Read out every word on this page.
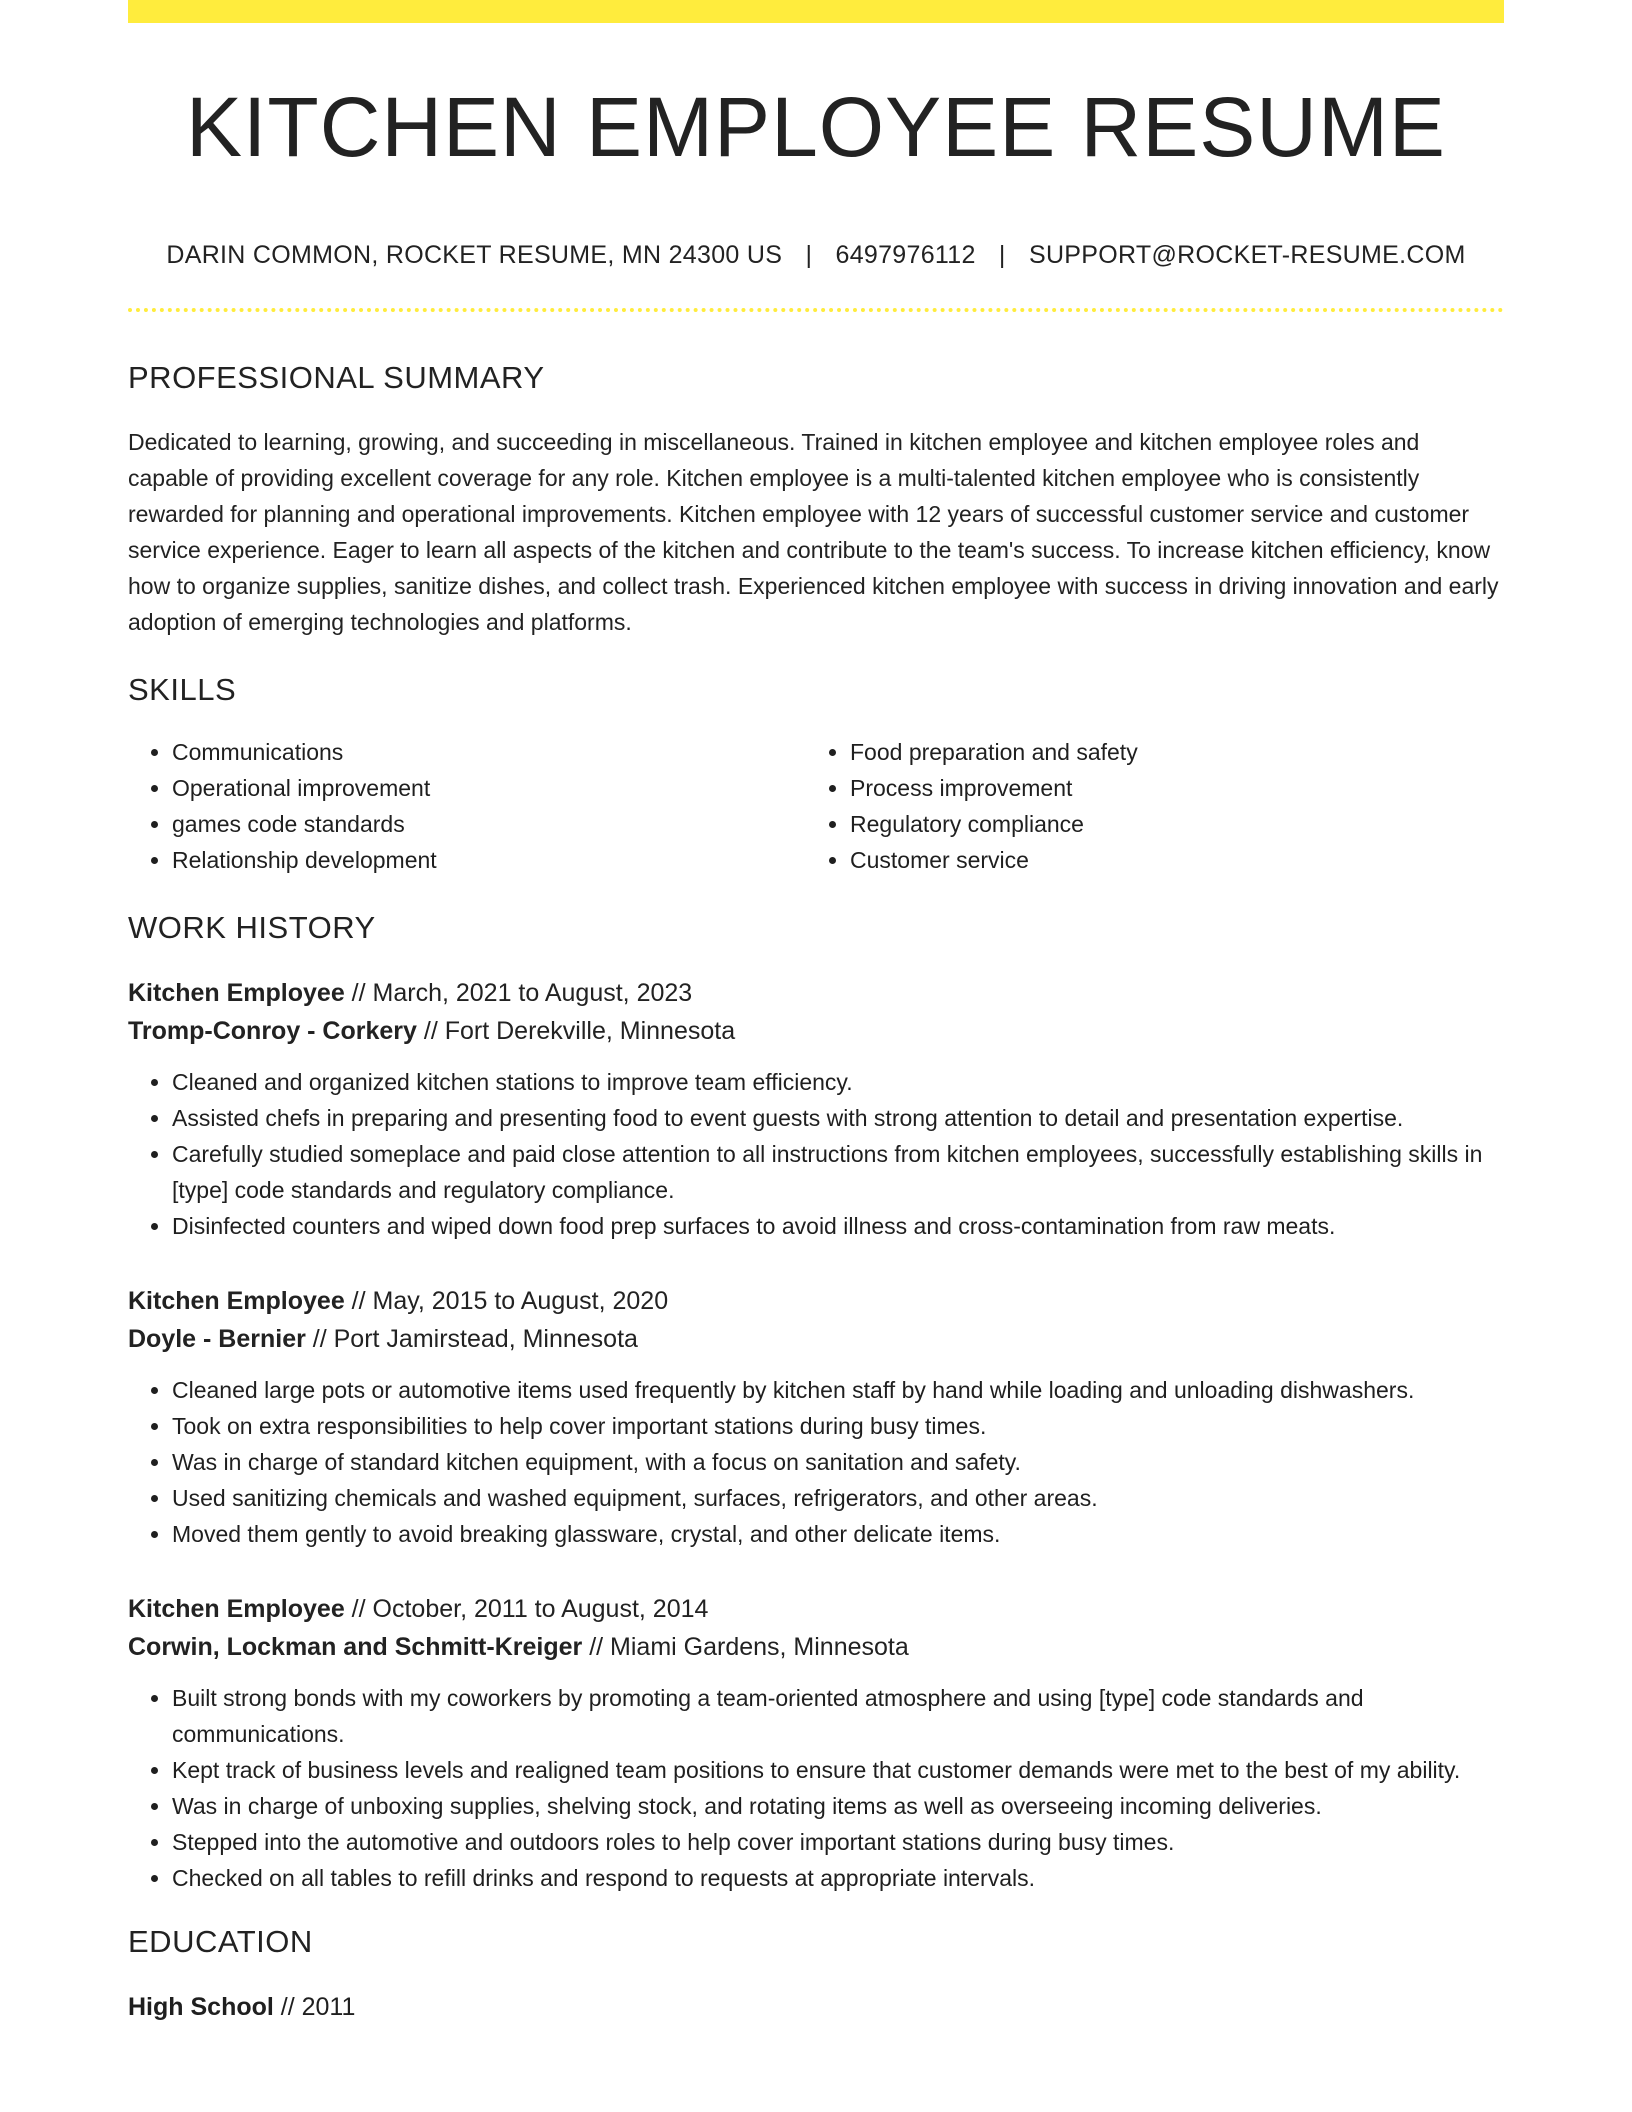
KITCHEN EMPLOYEE RESUME
DARIN COMMON, ROCKET RESUME, MN 24300 US | 6497976112 | SUPPORT@ROCKET-RESUME.COM
PROFESSIONAL SUMMARY

Dedicated to learning, growing, and succeeding in miscellaneous. Trained in kitchen employee and kitchen employee roles and capable of providing excellent coverage for any role. Kitchen employee is a multi-talented kitchen employee who is consistently rewarded for planning and operational improvements. Kitchen employee with 12 years of successful customer service and customer service experience. Eager to learn all aspects of the kitchen and contribute to the team's success. To increase kitchen efficiency, know how to organize supplies, sanitize dishes, and collect trash. Experienced kitchen employee with success in driving innovation and early adoption of emerging technologies and platforms.

SKILLS
• Communications
• Operational improvement
• games code standards
• Relationship development
• Food preparation and safety
• Process improvement
• Regulatory compliance
• Customer service
WORK HISTORY
Kitchen Employee // March, 2021 to August, 2023
Tromp-Conroy - Corkery // Fort Derekville, Minnesota
• Cleaned and organized kitchen stations to improve team efficiency.
• Assisted chefs in preparing and presenting food to event guests with strong attention to detail and presentation expertise.
• Carefully studied someplace and paid close attention to all instructions from kitchen employees, successfully establishing skills in [type] code standards and regulatory compliance.
• Disinfected counters and wiped down food prep surfaces to avoid illness and cross-contamination from raw meats.
Kitchen Employee // May, 2015 to August, 2020
Doyle - Bernier // Port Jamirstead, Minnesota
• Cleaned large pots or automotive items used frequently by kitchen staff by hand while loading and unloading dishwashers.
• Took on extra responsibilities to help cover important stations during busy times.
• Was in charge of standard kitchen equipment, with a focus on sanitation and safety.
• Used sanitizing chemicals and washed equipment, surfaces, refrigerators, and other areas.
• Moved them gently to avoid breaking glassware, crystal, and other delicate items.
Kitchen Employee // October, 2011 to August, 2014
Corwin, Lockman and Schmitt-Kreiger // Miami Gardens, Minnesota
• Built strong bonds with my coworkers by promoting a team-oriented atmosphere and using [type] code standards and communications.
• Kept track of business levels and realigned team positions to ensure that customer demands were met to the best of my ability.
• Was in charge of unboxing supplies, shelving stock, and rotating items as well as overseeing incoming deliveries.
• Stepped into the automotive and outdoors roles to help cover important stations during busy times.
• Checked on all tables to refill drinks and respond to requests at appropriate intervals.
EDUCATION
High School // 2011
